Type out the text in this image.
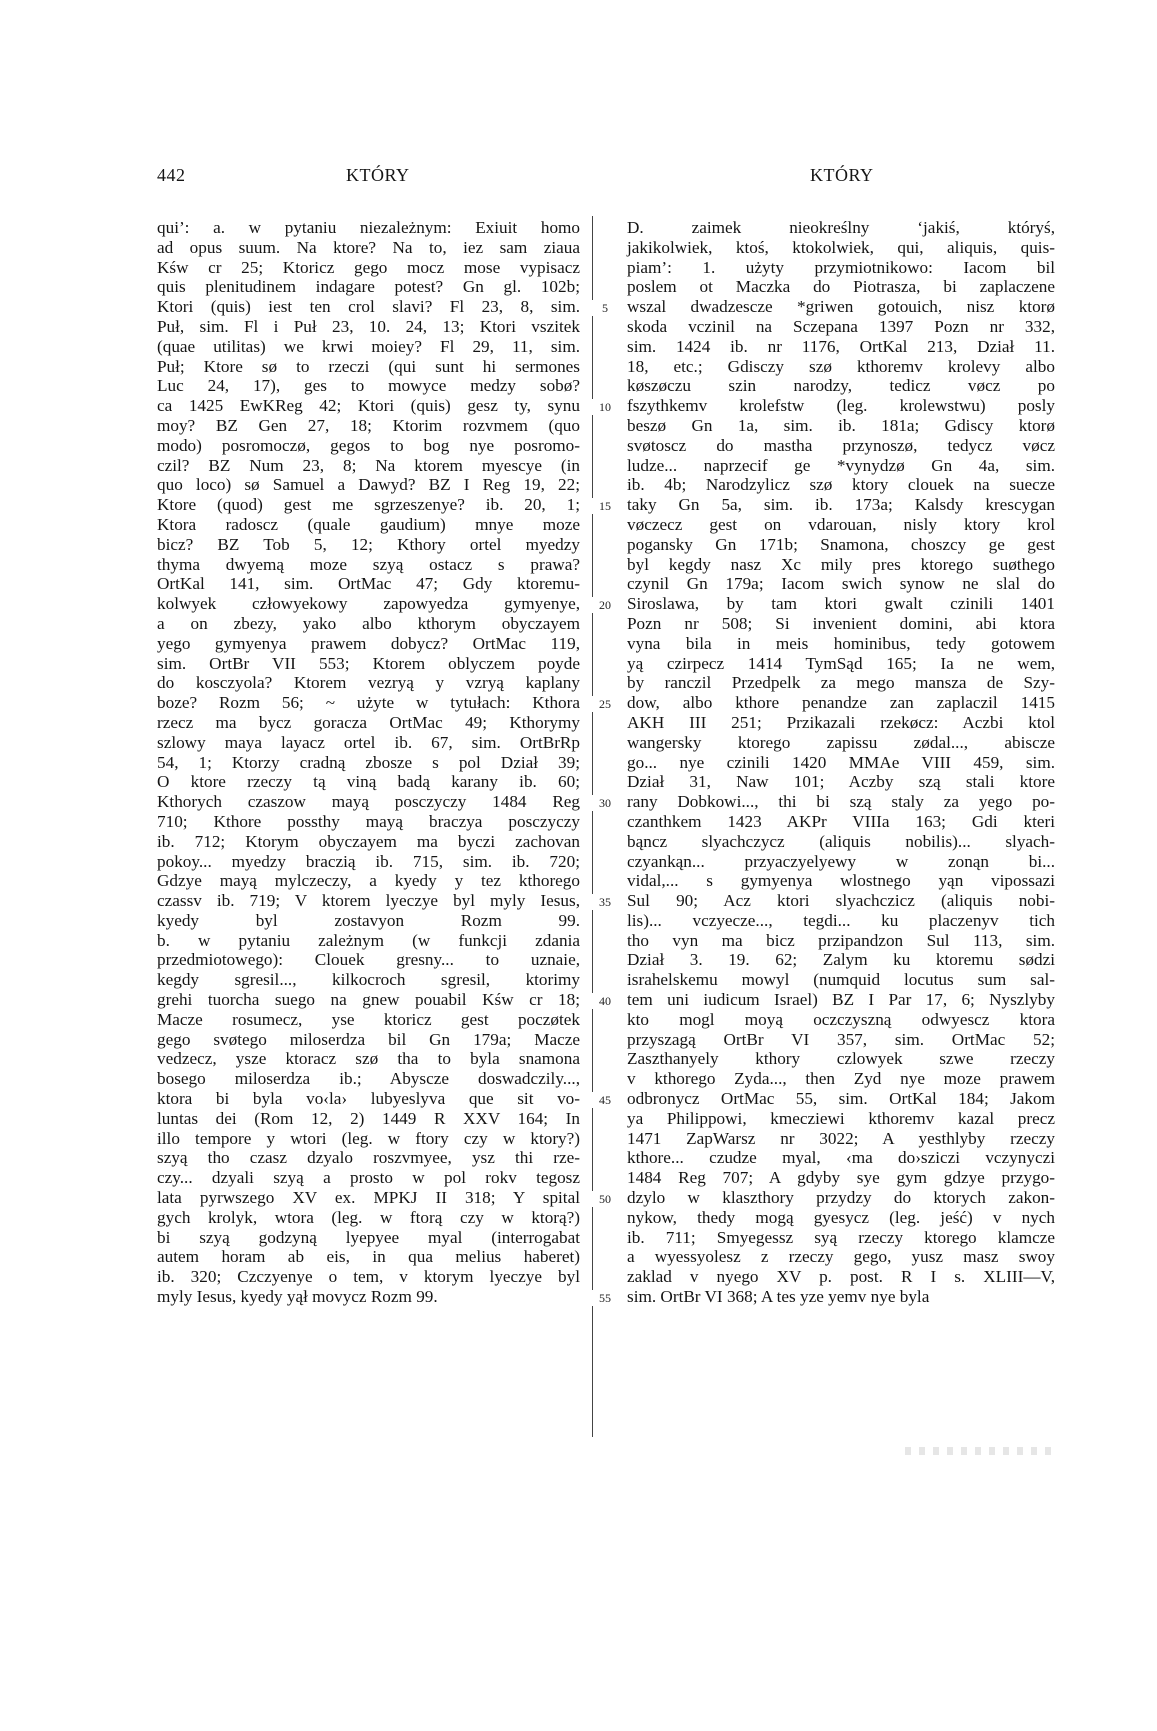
442	KTÓRY	KTÓRY
qui’: a. w pytaniu niezależnym: Exiuit homo
ad opus suum. Na ktore? Na to, iez sam ziaua
Kśw cr 25; Ktoricz gego mocz mose vypisacz
quis plenitudinem indagare potest? Gn gl. 102b;
Ktori (quis) iest ten crol slavi? Fl 23, 8, sim.
Puł, sim. Fl i Puł 23, 10. 24, 13; Ktori vszitek
(quae utilitas) we krwi moiey? Fl 29, 11, sim.
Puł; Ktore sø to rzeczi (qui sunt hi sermones
Luc 24, 17), ges to mowyce medzy sobø?
ca 1425 EwKReg 42; Ktori (quis) gesz ty, synu
moy? BZ Gen 27, 18; Ktorim rozvmem (quo
modo) posromoczø, gegos to bog nye posromo-
czil? BZ Num 23, 8; Na ktorem myescye (in
quo loco) sø Samuel a Dawyd? BZ I Reg 19, 22;
Ktore (quod) gest me sgrzeszenye? ib. 20, 1;
Ktora radoscz (quale gaudium) mnye moze
bicz? BZ Tob 5, 12; Kthory ortel myedzy
thyma dwyemą moze szyą ostacz s prawa?
OrtKal 141, sim. OrtMac 47; Gdy ktoremu-
kolwyek człowyekowy zapowyedza gymyenye,
a on zbezy, yako albo kthorym obyczayem
yego gymyenya prawem dobycz? OrtMac 119,
sim. OrtBr VII 553; Ktorem oblyczem poyde
do kosczyola? Ktorem vezryą y vzryą kaplany
boze? Rozm 56; ~ użyte w tytułach: Kthora
rzecz ma bycz goracza OrtMac 49; Kthorymy
szlowy maya layacz ortel ib. 67, sim. OrtBrRp
54, 1; Ktorzy cradną zbosze s pol Dział 39;
O ktore rzeczy tą viną badą karany ib. 60;
Kthorych czaszow mayą posczyczy 1484 Reg
710; Kthore possthy mayą braczya posczyczy
ib. 712; Ktorym obyczayem ma byczi zachovan
pokoy... myedzy braczią ib. 715, sim. ib. 720;
Gdzye mayą mylczeczy, a kyedy y tez kthorego
czassv ib. 719; V ktorem lyeczye byl myly Iesus,
kyedy byl zostavyon Rozm 99.
b. w pytaniu zależnym (w funkcji zdania
przedmiotowego): Clouek gresny... to uznaie,
kegdy sgresil..., kilkocroch sgresil, ktorimy
grehi tuorcha suego na gnew pouabil Kśw cr 18;
Macze rosumecz, yse ktoricz gest poczøtek
gego svøtego miloserdza bil Gn 179a; Macze
vedzecz, ysze ktoracz szø tha to byla snamona
bosego miloserdza ib.; Abyscze doswadczily...,
ktora bi byla vo‹la› lubyeslyva que sit vo-
luntas dei (Rom 12, 2) 1449 R XXV 164; In
illo tempore y wtori (leg. w ftory czy w ktory?)
szyą tho czasz dzyalo roszvmyee, ysz thi rze-
czy... dzyali szyą a prosto w pol rokv tegosz
lata pyrwszego XV ex. MPKJ II 318; Y spital
gych krolyk, wtora (leg. w ftorą czy w ktorą?)
bi szyą godzyną lyepyee myal (interrogabat
autem horam ab eis, in qua melius haberet)
ib. 320; Czczyenye o tem, v ktorym lyeczye byl
myly Iesus, kyedy yął movycz Rozm 99.
5
10
15
20
25
30
35
40
45
50
55
D. zaimek nieokreślny ‘jakiś, któryś,
jakikolwiek, ktoś, ktokolwiek, qui, aliquis, quis-
piam’: 1. użyty przymiotnikowo: Iacom bil
poslem ot Maczka do Piotrasza, bi zaplaczene
wszal dwadzescze *griwen gotouich, nisz ktorø
skoda vczinil na Sczepana 1397 Pozn nr 332,
sim. 1424 ib. nr 1176, OrtKal 213, Dział 11.
18, etc.; Gdisczy szø kthoremv krolevy albo
køszøczu szin narodzy, tedicz vøcz po
fszythkemv krolefstw (leg. krolewstwu) posly
beszø Gn 1a, sim. ib. 181a; Gdiscy ktorø
svøtoscz do mastha przynoszø, tedycz vøcz
ludze... naprzecif ge *vynydzø Gn 4a, sim.
ib. 4b; Narodzylicz szø ktory clouek na suecze
taky Gn 5a, sim. ib. 173a; Kalsdy krescygan
vøczecz gest on vdarouan, nisly ktory krol
pogansky Gn 171b; Snamona, choszcy ge gest
byl kegdy nasz Xc mily pres ktorego suøthego
czynil Gn 179a; Iacom swich synow ne slal do
Siroslawa, by tam ktori gwalt czinili 1401
Pozn nr 508; Si invenient domini, abi ktora
vyna bila in meis hominibus, tedy gotowem
yą czirpecz 1414 TymSąd 165; Ia ne wem,
by ranczil Przedpelk za mego mansza de Szy-
dow, albo kthore penandze zan zaplaczil 1415
AKH III 251; Przikazali rzekøcz: Aczbi ktol
wangersky ktorego zapissu zødal..., abiscze
go... nye czinili 1420 MMAe VIII 459, sim.
Dział 31, Naw 101; Aczby szą stali ktore
rany Dobkowi..., thi bi szą staly za yego po-
czanthkem 1423 AKPr VIIIa 163; Gdi kteri
bąncz slyachczycz (aliquis nobilis)... slyach-
czyankąn... przyaczyelyewy w zonąn bi...
vidal,... s gymyenya wlostnego yąn vipossazi
Sul 90; Acz ktori slyachczicz (aliquis nobi-
lis)... vczyecze..., tegdi... ku placzenyv tich
tho vyn ma bicz przipandzon Sul 113, sim.
Dział 3. 19. 62; Zalym ku ktoremu sødzi
israhelskemu mowyl (numquid locutus sum sal-
tem uni iudicum Israel) BZ I Par 17, 6; Nyszlyby
kto mogl moyą oczczyszną odwyescz ktora
przyszagą OrtBr VI 357, sim. OrtMac 52;
Zaszthanyely kthory czlowyek szwe rzeczy
v kthorego Zyda..., then Zyd nye moze prawem
odbronycz OrtMac 55, sim. OrtKal 184; Jakom
ya Philippowi, kmecziewi kthoremv kazal precz
1471 ZapWarsz nr 3022; A yesthlyby rzeczy
kthore... czudze myal, ‹ma do›sziczi vczynyczi
1484 Reg 707; A gdyby sye gym gdzye przygo-
dzylo w klaszthory przydzy do ktorych zakon-
nykow, thedy mogą gyesycz (leg. jeść) v nych
ib. 711; Smyegessz syą rzeczy ktorego klamcze
a wyessyolesz z rzeczy gego, yusz masz swoy
zaklad v nyego XV p. post. R I s. XLIII—V,
sim. OrtBr VI 368; A tes yze yemv nye byla
